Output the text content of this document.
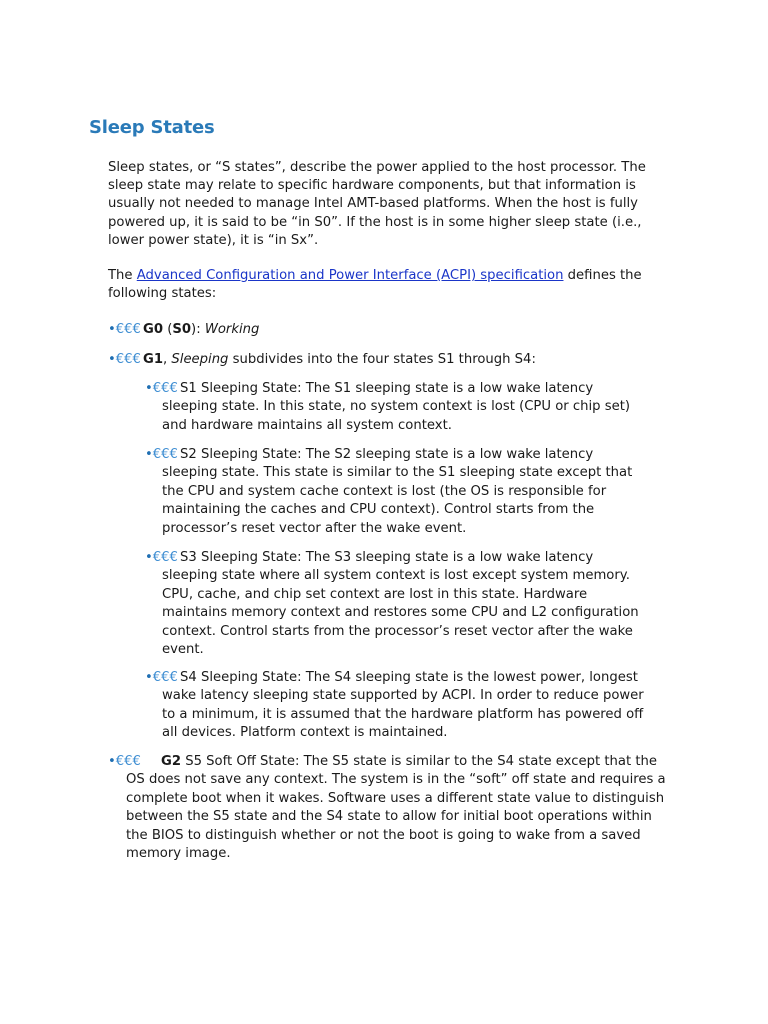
Sleep States

Sleep states, or “S states”, describe the power applied to the host processor. The sleep state may relate to specific hardware components, but that information is usually not needed to manage Intel AMT-based platforms. When the host is fully powered up, it is said to be “in S0”. If the host is in some higher sleep state (i.e., lower power state), it is “in Sx”.

The Advanced Configuration and Power Interface (ACPI) specification defines the following states:

•€€€ G0 (S0): Working
•€€€ G1, Sleeping subdivides into the four states S1 through S4:
•€€€ S1 Sleeping State: The S1 sleeping state is a low wake latency sleeping state. In this state, no system context is lost (CPU or chip set) and hardware maintains all system context.
•€€€ S2 Sleeping State: The S2 sleeping state is a low wake latency sleeping state. This state is similar to the S1 sleeping state except that the CPU and system cache context is lost (the OS is responsible for maintaining the caches and CPU context). Control starts from the processor’s reset vector after the wake event.
•€€€ S3 Sleeping State: The S3 sleeping state is a low wake latency sleeping state where all system context is lost except system memory. CPU, cache, and chip set context are lost in this state. Hardware maintains memory context and restores some CPU and L2 configuration context. Control starts from the processor’s reset vector after the wake event.
•€€€ S4 Sleeping State: The S4 sleeping state is the lowest power, longest wake latency sleeping state supported by ACPI. In order to reduce power to a minimum, it is assumed that the hardware platform has powered off all devices. Platform context is maintained.
•€€€	G2 S5 Soft Off State: The S5 state is similar to the S4 state except that the OS does not save any context. The system is in the “soft” off state and requires a complete boot when it wakes. Software uses a different state value to distinguish between the S5 state and the S4 state to allow for initial boot operations within the BIOS to distinguish whether or not the boot is going to wake from a saved memory image.
